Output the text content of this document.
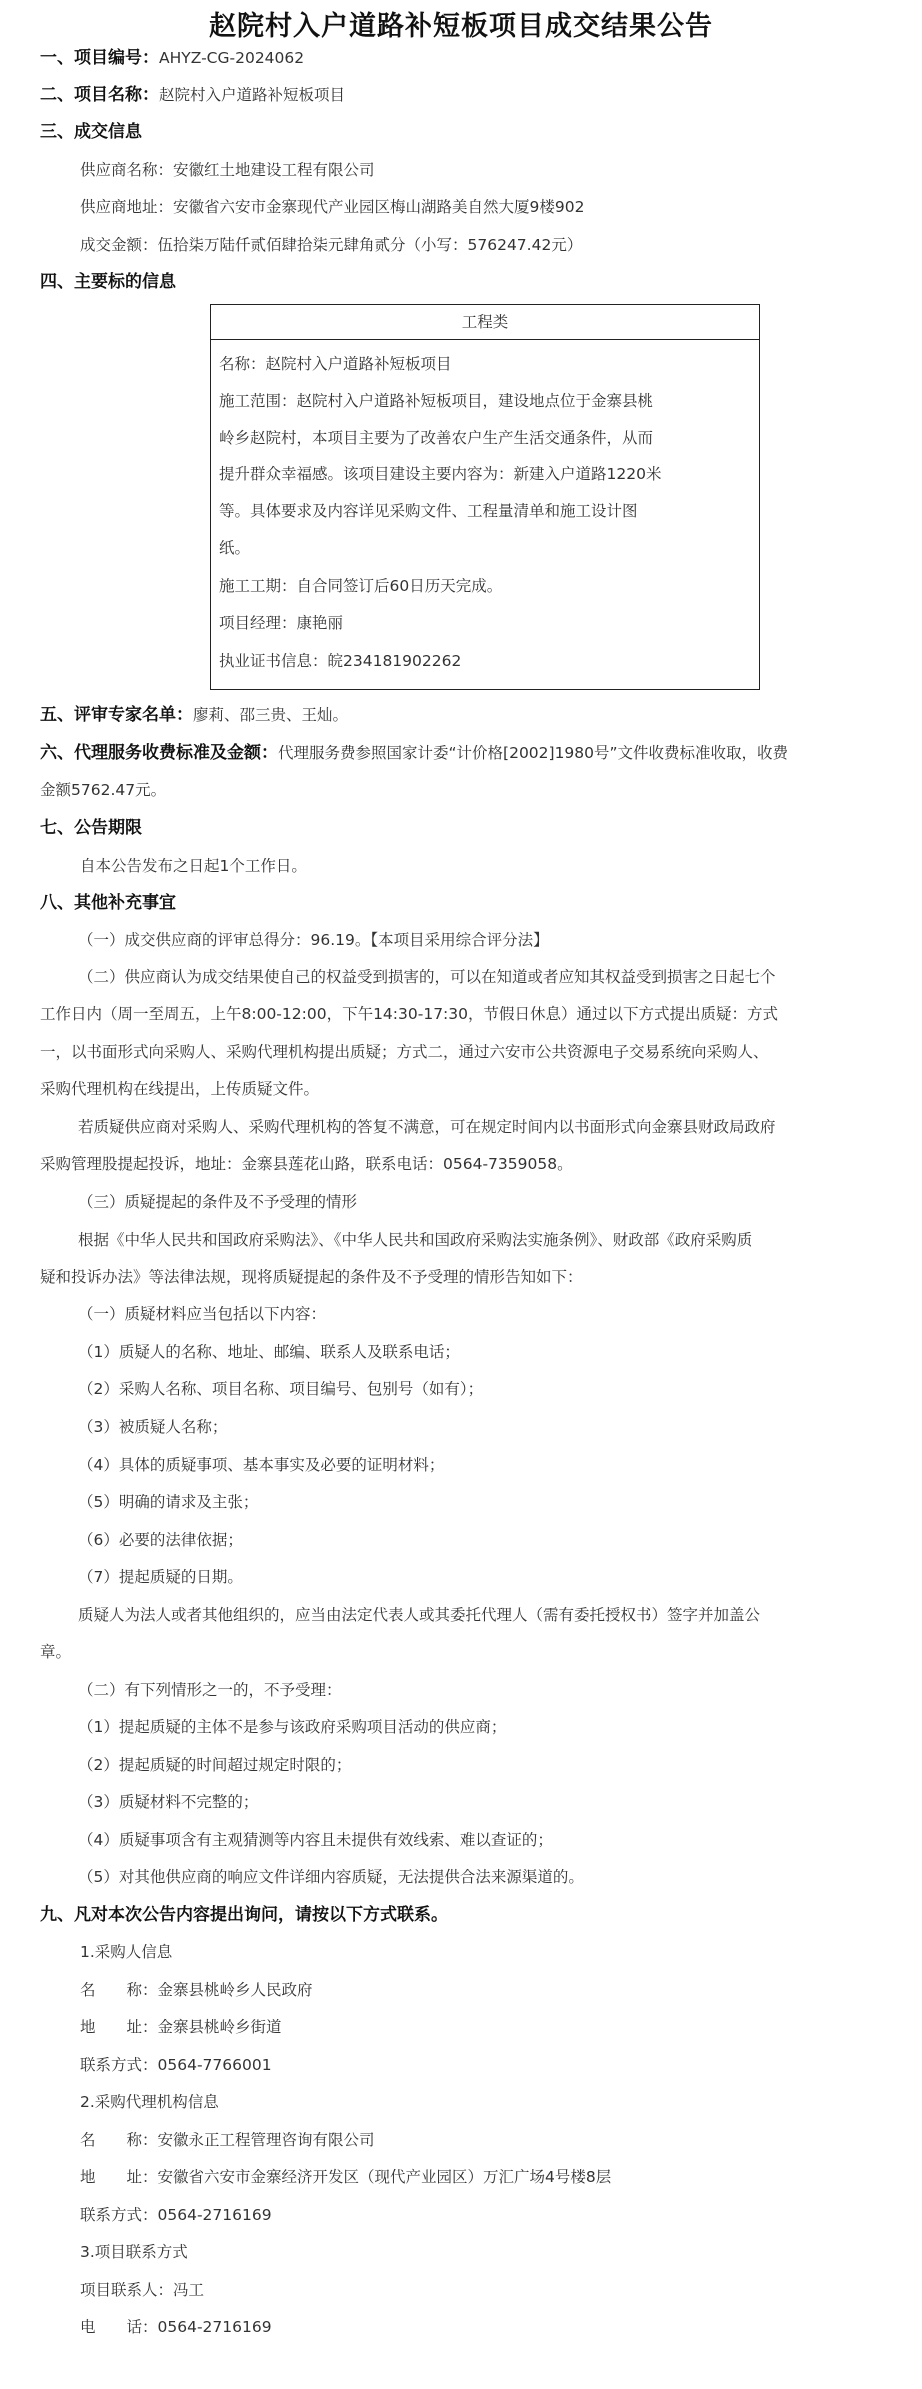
赵院村入户道路补短板项目成交结果公告
一、项目编号：AHYZ-CG-2024062
二、项目名称：赵院村入户道路补短板项目
三、成交信息
供应商名称：安徽红土地建设工程有限公司
供应商地址：安徽省六安市金寨现代产业园区梅山湖路美自然大厦9楼902
成交金额：伍拾柒万陆仟贰佰肆拾柒元肆角贰分（小写：576247.42元）
四、主要标的信息
工程类
名称：赵院村入户道路补短板项目
施工范围：赵院村入户道路补短板项目，建设地点位于金寨县桃
岭乡赵院村，本项目主要为了改善农户生产生活交通条件，从而
提升群众幸福感。该项目建设主要内容为：新建入户道路1220米
等。具体要求及内容详见采购文件、工程量清单和施工设计图
纸。
施工工期：自合同签订后60日历天完成。
项目经理：康艳丽
执业证书信息：皖234181902262
五、评审专家名单：廖莉、邵三贵、王灿。
六、代理服务收费标准及金额：代理服务费参照国家计委“计价格[2002]1980号”文件收费标准收取，收费
金额5762.47元。
七、公告期限
自本公告发布之日起1个工作日。
八、其他补充事宜
（一）成交供应商的评审总得分：96.19。【本项目采用综合评分法】
（二）供应商认为成交结果使自己的权益受到损害的，可以在知道或者应知其权益受到损害之日起七个
工作日内（周一至周五，上午8:00-12:00，下午14:30-17:30，节假日休息）通过以下方式提出质疑：方式
一，以书面形式向采购人、采购代理机构提出质疑；方式二，通过六安市公共资源电子交易系统向采购人、
采购代理机构在线提出，上传质疑文件。
若质疑供应商对采购人、采购代理机构的答复不满意，可在规定时间内以书面形式向金寨县财政局政府
采购管理股提起投诉，地址：金寨县莲花山路，联系电话：0564-7359058。
（三）质疑提起的条件及不予受理的情形
根据《中华人民共和国政府采购法》、《中华人民共和国政府采购法实施条例》、财政部《政府采购质
疑和投诉办法》等法律法规，现将质疑提起的条件及不予受理的情形告知如下：
（一）质疑材料应当包括以下内容：
（1）质疑人的名称、地址、邮编、联系人及联系电话；
（2）采购人名称、项目名称、项目编号、包别号（如有）；
（3）被质疑人名称；
（4）具体的质疑事项、基本事实及必要的证明材料；
（5）明确的请求及主张；
（6）必要的法律依据；
（7）提起质疑的日期。
质疑人为法人或者其他组织的，应当由法定代表人或其委托代理人（需有委托授权书）签字并加盖公
章。
（二）有下列情形之一的，不予受理：
（1）提起质疑的主体不是参与该政府采购项目活动的供应商；
（2）提起质疑的时间超过规定时限的；
（3）质疑材料不完整的；
（4）质疑事项含有主观猜测等内容且未提供有效线索、难以查证的；
（5）对其他供应商的响应文件详细内容质疑，无法提供合法来源渠道的。
九、凡对本次公告内容提出询问，请按以下方式联系。
1.采购人信息
名　　称：金寨县桃岭乡人民政府
地　　址：金寨县桃岭乡街道
联系方式：0564-7766001
2.采购代理机构信息
名　　称：安徽永正工程管理咨询有限公司
地　　址：安徽省六安市金寨经济开发区（现代产业园区）万汇广场4号楼8层
联系方式：0564-2716169
3.项目联系方式
项目联系人：冯工
电　　话：0564-2716169
